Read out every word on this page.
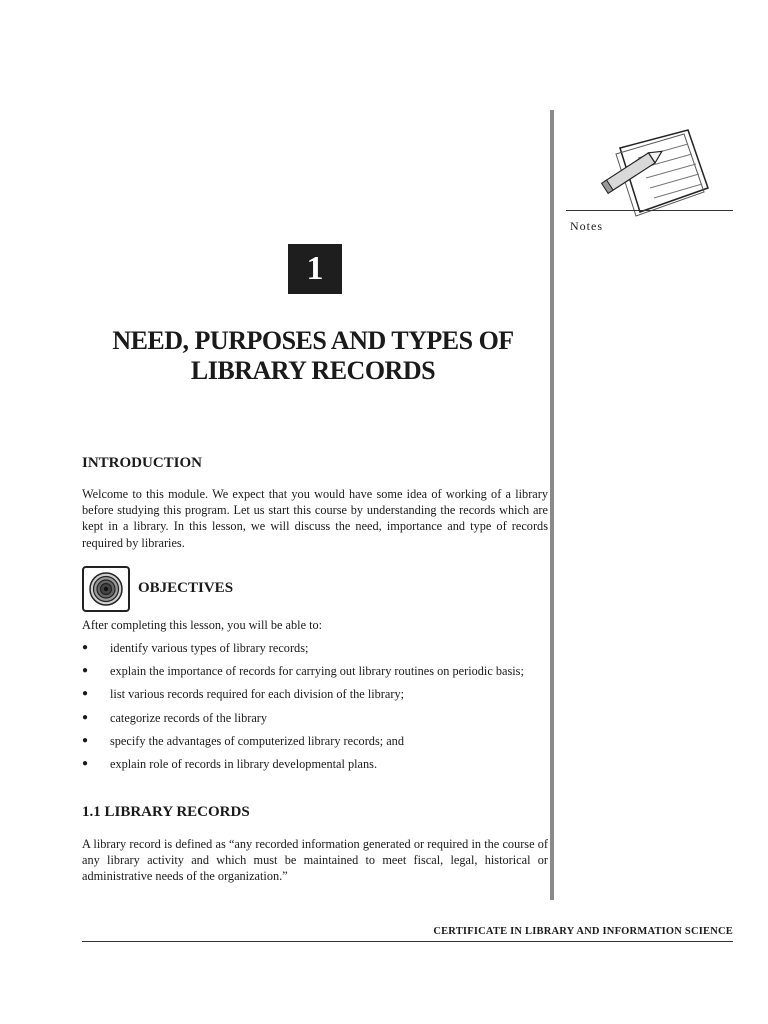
Notes
1
NEED, PURPOSES AND TYPES OF
LIBRARY RECORDS
INTRODUCTION

Welcome to this module. We expect that you would have some idea of working of a library before studying this program. Let us start this course by understanding the records which are kept in a library. In this lesson, we will discuss the need, importance and type of records required by libraries.

OBJECTIVES

After completing this lesson, you will be able to:

● identify various types of library records;
● explain the importance of records for carrying out library routines on periodic basis;
● list various records required for each division of the library;
● categorize records of the library
● specify the advantages of computerized library records; and
● explain role of records in library developmental plans.
1.1 LIBRARY RECORDS

A library record is defined as “any recorded information generated or required in the course of any library activity and which must be maintained to meet fiscal, legal, historical or administrative needs of the organization.”

CERTIFICATE IN LIBRARY AND INFORMATION SCIENCE
